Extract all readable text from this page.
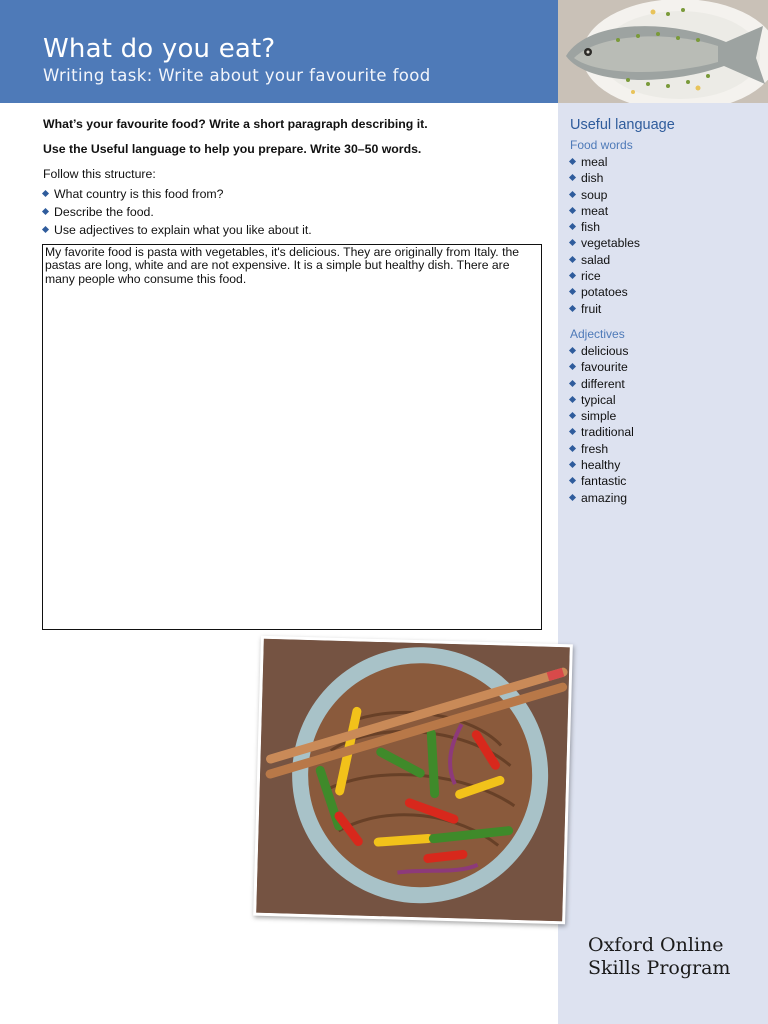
What do you eat?
Writing task: Write about your favourite food
Useful language
Food words
meal
dish
soup
meat
fish
vegetables
salad
rice
potatoes
fruit
Adjectives
delicious
favourite
different
typical
simple
traditional
fresh
healthy
fantastic
amazing

What’s your favourite food? Write a short paragraph describing it.

Use the Useful language to help you prepare. Write 30–50 words.

Follow this structure:

What country is this food from?
Describe the food.
Use adjectives to explain what you like about it.
My favorite food is pasta with vegetables, it's delicious. They are originally from Italy. the pastas are long, white and are not expensive. It is a simple but healthy dish. There are many people who consume this food.
Oxford Online
Skills Program
